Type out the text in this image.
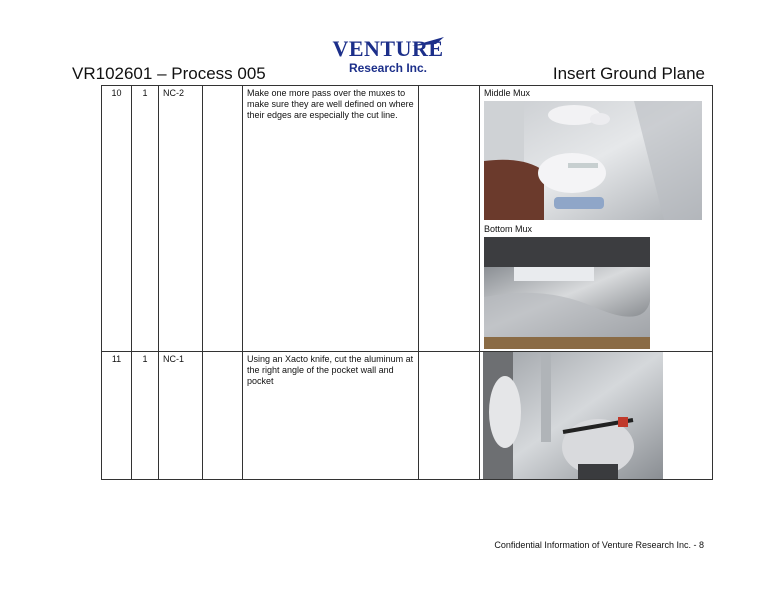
VR102601 – Process 005
VENTURE
Research Inc.	Insert Ground Plane
10	1	NC-2		Make one more pass over the muxes to make sure they are well defined on where their edges are especially the cut line.		Middle Mux
Bottom Mux

11	1	NC-1		Using an Xacto knife, cut the aluminum at the right angle of the pocket wall and pocket		
Confidential Information of Venture Research Inc. - 8
